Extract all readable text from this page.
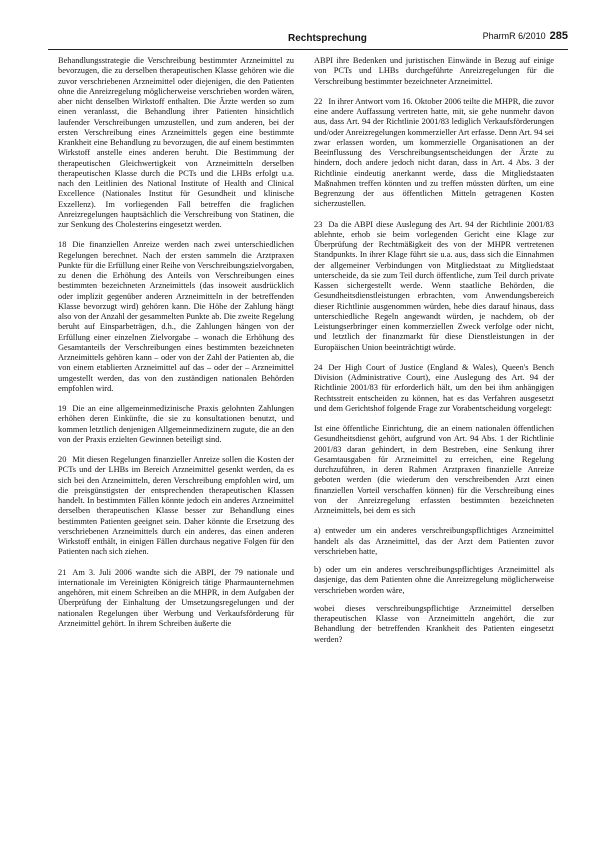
Rechtsprechung	PharmR 6/2010 285

Behandlungsstrategie die Verschreibung bestimmter Arzneimittel zu bevorzugen, die zu derselben therapeutischen Klasse gehören wie die zuvor verschriebenen Arzneimittel oder diejenigen, die den Patienten ohne die Anreizregelung möglicherweise verschrieben worden wären, aber nicht denselben Wirkstoff enthalten. Die Ärzte werden so zum einen veranlasst, die Behandlung ihrer Patienten hinsichtlich laufender Verschreibungen umzustellen, und zum anderen, bei der ersten Verschreibung eines Arzneimittels gegen eine bestimmte Krankheit eine Behandlung zu bevorzugen, die auf einem bestimmten Wirkstoff anstelle eines anderen beruht. Die Bestimmung der therapeutischen Gleichwertigkeit von Arzneimitteln derselben therapeutischen Klasse durch die PCTs und die LHBs erfolgt u.a. nach den Leitlinien des National Institute of Health and Clinical Excellence (Nationales Institut für Gesundheit und klinische Exzellenz). Im vorliegenden Fall betreffen die fraglichen Anreizregelungen hauptsächlich die Verschreibung von Statinen, die zur Senkung des Cholesterins eingesetzt werden.

18 Die finanziellen Anreize werden nach zwei unterschiedlichen Regelungen berechnet. Nach der ersten sammeln die Arztpraxen Punkte für die Erfüllung einer Reihe von Verschreibungszielvorgaben, zu denen die Erhöhung des Anteils von Verschreibungen eines bestimmten bezeichneten Arzneimittels (das insoweit ausdrücklich oder implizit gegenüber anderen Arzneimitteln in der betreffenden Klasse bevorzugt wird) gehören kann. Die Höhe der Zahlung hängt also von der Anzahl der gesammelten Punkte ab. Die zweite Regelung beruht auf Einsparbeträgen, d.h., die Zahlungen hängen von der Erfüllung einer einzelnen Zielvorgabe – wonach die Erhöhung des Gesamtanteils der Verschreibungen eines bestimmten bezeichneten Arzneimittels gehören kann – oder von der Zahl der Patienten ab, die von einem etablierten Arzneimittel auf das – oder der – Arzneimittel umgestellt werden, das von den zuständigen nationalen Behörden empfohlen wird.

19 Die an eine allgemeinmedizinische Praxis gelohnten Zahlungen erhöhen deren Einkünfte, die sie zu konsultationen benutzt, und kommen letztlich denjenigen Allgemeinmedizinern zugute, die an den von der Praxis erzielten Gewinnen beteiligt sind.

20 Mit diesen Regelungen finanzieller Anreize sollen die Kosten der PCTs und der LHBs im Bereich Arzneimittel gesenkt werden, da es sich bei den Arzneimitteln, deren Verschreibung empfohlen wird, um die preisgünstigsten der entsprechenden therapeutischen Klassen handelt. In bestimmten Fällen könnte jedoch ein anderes Arzneimittel derselben therapeutischen Klasse besser zur Behandlung eines bestimmten Patienten geeignet sein. Daher könnte die Ersetzung des verschriebenen Arzneimittels durch ein anderes, das einen anderen Wirkstoff enthält, in einigen Fällen durchaus negative Folgen für den Patienten nach sich ziehen.

21 Am 3. Juli 2006 wandte sich die ABPI, der 79 nationale und internationale im Vereinigten Königreich tätige Pharmaunternehmen angehören, mit einem Schreiben an die MHPR, in dem Aufgaben der Überprüfung der Einhaltung der Umsetzungsregelungen und der nationalen Regelungen über Werbung und Verkaufsförderung für Arzneimittel gehört. In ihrem Schreiben äußerte die

ABPI ihre Bedenken und juristischen Einwände in Bezug auf einige von PCTs und LHBs durchgeführte Anreizregelungen für die Verschreibung bestimmter bezeichneter Arzneimittel.

22 In ihrer Antwort vom 16. Oktober 2006 teilte die MHPR, die zuvor eine andere Auffassung vertreten hatte, mit, sie gehe nunmehr davon aus, dass Art. 94 der Richtlinie 2001/83 lediglich Verkaufsförderungen und/oder Anreizregelungen kommerzieller Art erfasse. Denn Art. 94 sei zwar erlassen worden, um kommerzielle Organisationen an der Beeinflussung des Verschreibungsentscheidungen der Ärzte zu hindern, doch andere jedoch nicht daran, dass in Art. 4 Abs. 3 der Richtlinie eindeutig anerkannt werde, dass die Mitgliedstaaten Maßnahmen treffen könnten und zu treffen müssten dürften, um eine Begrenzung der aus öffentlichen Mitteln getragenen Kosten sicherzustellen.

23 Da die ABPI diese Auslegung des Art. 94 der Richtlinie 2001/83 ablehnte, erhob sie beim vorlegenden Gericht eine Klage zur Überprüfung der Rechtmäßigkeit des von der MHPR vertretenen Standpunkts. In ihrer Klage führt sie u.a. aus, dass sich die Einnahmen der allgemeiner Verbindungen von Mitgliedstaat zu Mitgliedstaat unterscheide, da sie zum Teil durch öffentliche, zum Teil durch private Kassen sichergestellt werde. Wenn staatliche Behörden, die Gesundheitsdienstleistungen erbrachten, vom Anwendungsbereich dieser Richtlinie ausgenommen würden, hebe dies darauf hinaus, dass unterschiedliche Regeln angewandt würden, je nachdem, ob der Leistungserbringer einen kommerziellen Zweck verfolge oder nicht, und letztlich der finanzmarkt für diese Dienstleistungen in der Europäischen Union beeinträchtigt würde.

24 Der High Court of Justice (England & Wales), Queen's Bench Division (Administrative Court), eine Auslegung des Art. 94 der Richtlinie 2001/83 für erforderlich hält, um den bei ihm anhängigen Rechtsstreit entscheiden zu können, hat es das Verfahren ausgesetzt und dem Gerichtshof folgende Frage zur Vorabentscheidung vorgelegt:

Ist eine öffentliche Einrichtung, die an einem nationalen öffentlichen Gesundheitsdienst gehört, aufgrund von Art. 94 Abs. 1 der Richtlinie 2001/83 daran gehindert, in dem Bestreben, eine Senkung ihrer Gesamtausgaben für Arzneimittel zu erreichen, eine Regelung durchzuführen, in deren Rahmen Arztpraxen finanzielle Anreize geboten werden (die wiederum den verschreibenden Arzt einen finanziellen Vorteil verschaffen können) für die Verschreibung eines von der Anreizregelung erfassten bestimmten bezeichneten Arzneimittels, bei dem es sich

a) entweder um ein anderes verschreibungspflichtiges Arzneimittel handelt als das Arzneimittel, das der Arzt dem Patienten zuvor verschrieben hatte,

b) oder um ein anderes verschreibungspflichtiges Arzneimittel als dasjenige, das dem Patienten ohne die Anreizregelung möglicherweise verschrieben worden wäre,

wobei dieses verschreibungspflichtige Arzneimittel derselben therapeutischen Klasse von Arzneimitteln angehört, die zur Behandlung der betreffenden Krankheit des Patienten eingesetzt werden?
